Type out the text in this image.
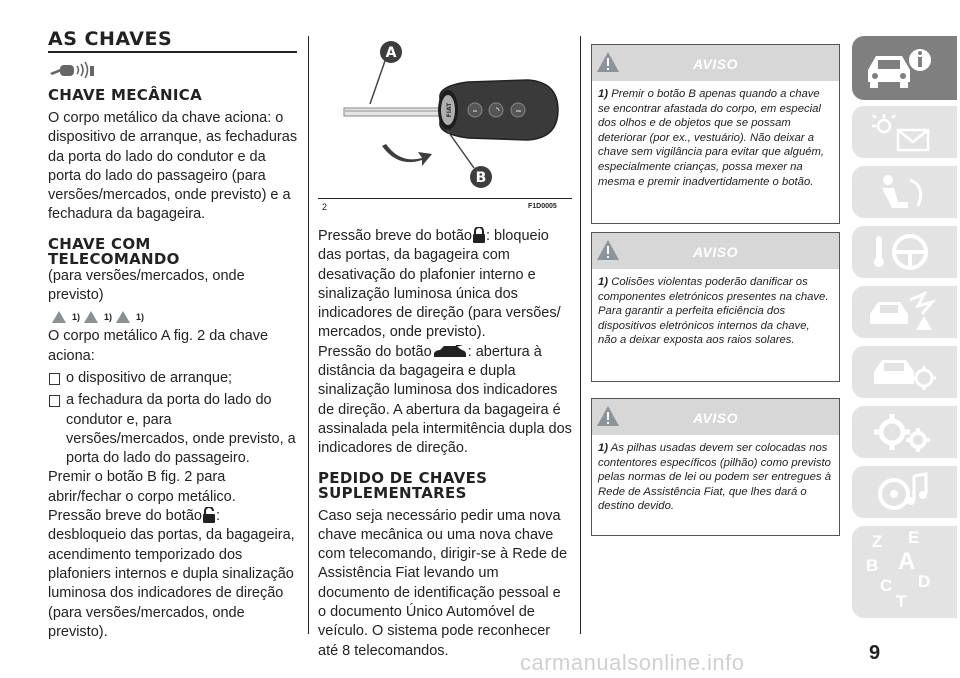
AS CHAVES
CHAVE MECÂNICA

O corpo metálico da chave aciona: o dispositivo de arranque, as fechaduras da porta do lado do condutor e da porta do lado do passageiro (para versões/mercados, onde previsto) e a fechadura da bagageira.

CHAVE COM
TELECOMANDO

(para versões/mercados, onde previsto)

1)	1)	1)

O corpo metálico A fig. 2 da chave aciona:

o dispositivo de arranque;

a fechadura da porta do lado do condutor e, para versões/mercados, onde previsto, a porta do lado do passageiro.

Premir o botão B fig. 2 para abrir/fechar o corpo metálico.

Pressão breve do botão :

desbloqueio das portas, da bagageira, acendimento temporizado dos plafoniers internos e dupla sinalização luminosa dos indicadores de direção (para versões/mercados, onde previsto).

FIAT
A
B
2	F1D0005

Pressão breve do botão : bloqueio das portas, da bagageira com desativação do plafonier interno e sinalização luminosa única dos indicadores de direção (para versões/ mercados, onde previsto).

Pressão do botão : abertura à distância da bagageira e dupla sinalização luminosa dos indicadores de direção. A abertura da bagageira é assinalada pela intermitência dupla dos indicadores de direção.

PEDIDO DE CHAVES
SUPLEMENTARES

Caso seja necessário pedir uma nova chave mecânica ou uma nova chave com telecomando, dirigir-se à Rede de Assistência Fiat levando um documento de identificação pessoal e o documento Único Automóvel de veículo. O sistema pode reconhecer até 8 telecomandos.

AVISO
1) Premir o botão B apenas quando a chave se encontrar afastada do corpo, em especial dos olhos e de objetos que se possam deteriorar (por ex., vestuário). Não deixar a chave sem vigilância para evitar que alguém, especialmente crianças, possa mexer na mesma e premir inadvertidamente o botão.
AVISO
1) Colisões violentas poderão danificar os componentes eletrónicos presentes na chave. Para garantir a perfeita eficiência dos dispositivos eletrónicos internos da chave, não a deixar exposta aos raios solares.
AVISO
1) As pilhas usadas devem ser colocadas nos contentores específicos (pilhão) como previsto pelas normas de lei ou podem ser entregues à Rede de Assistência Fiat, que lhes dará o destino devido.
Z E
B A
C D
T
9
carmanualsonline.info
